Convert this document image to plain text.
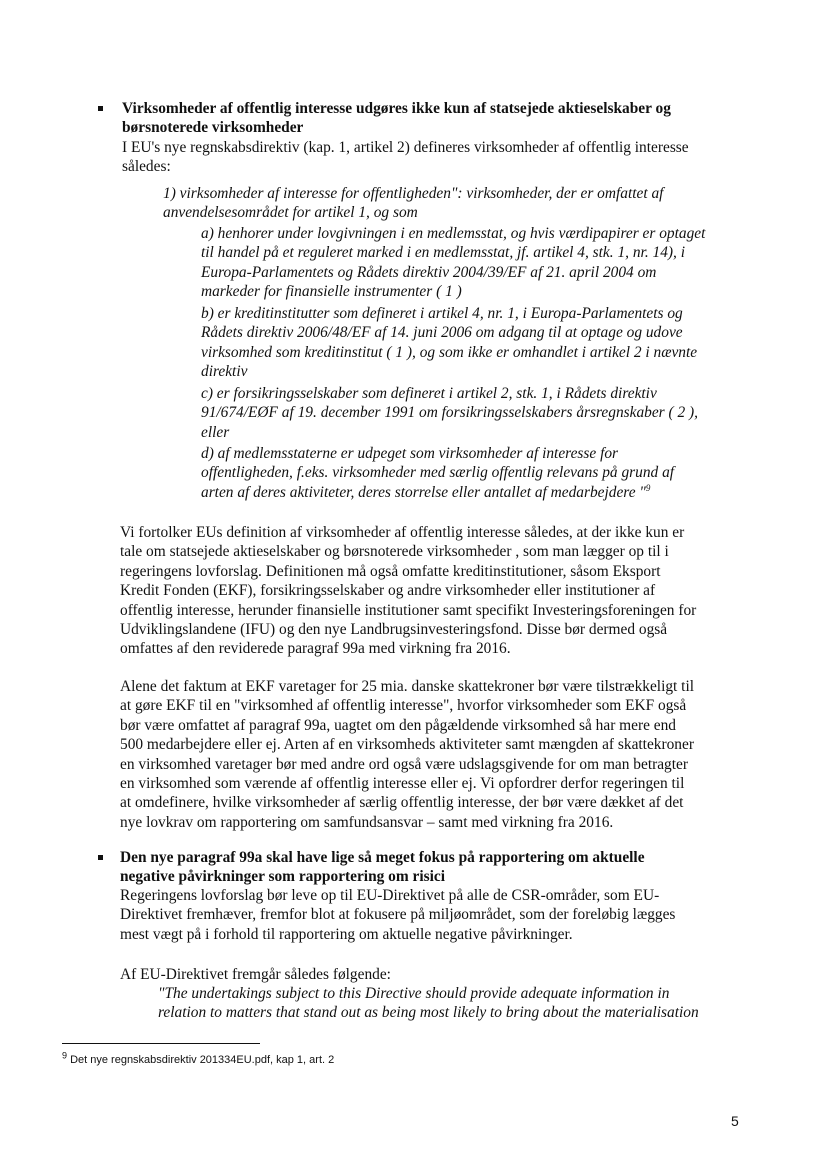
Virksomheder af offentlig interesse udgøres ikke kun af statsejede aktieselskaber og

børsnoterede virksomheder

I EU's nye regnskabsdirektiv (kap. 1, artikel 2) defineres virksomheder af offentlig interesse

således:

1) virksomheder af interesse for offentligheden": virksomheder, der er omfattet af

anvendelsesområdet for artikel 1, og som

a) henhorer under lovgivningen i en medlemsstat, og hvis værdipapirer er optaget

til handel på et reguleret marked i en medlemsstat, jf. artikel 4, stk. 1, nr. 14), i

Europa-Parlamentets og Rådets direktiv 2004/39/EF af 21. april 2004 om

markeder for finansielle instrumenter ( 1 )

b) er kreditinstitutter som defineret i artikel 4, nr. 1, i Europa-Parlamentets og

Rådets direktiv 2006/48/EF af 14. juni 2006 om adgang til at optage og udove

virksomhed som kreditinstitut ( 1 ), og som ikke er omhandlet i artikel 2 i nævnte

direktiv

c) er forsikringsselskaber som defineret i artikel 2, stk. 1, i Rådets direktiv

91/674/EØF af 19. december 1991 om forsikringsselskabers årsregnskaber ( 2 ),

eller

d) af medlemsstaterne er udpeget som virksomheder af interesse for

offentligheden, f.eks. virksomheder med særlig offentlig relevans på grund af

arten af deres aktiviteter, deres storrelse eller antallet af medarbejdere "$^9$

Vi fortolker EUs definition af virksomheder af offentlig interesse således, at der ikke kun er

tale om statsejede aktieselskaber og børsnoterede virksomheder , som man lægger op til i

regeringens lovforslag. Definitionen må også omfatte kreditinstitutioner, såsom Eksport

Kredit Fonden (EKF), forsikringsselskaber og andre virksomheder eller institutioner af

offentlig interesse, herunder finansielle institutioner samt specifikt Investeringsforeningen for

Udviklingslandene (IFU) og den nye Landbrugsinvesteringsfond. Disse bør dermed også

omfattes af den reviderede paragraf 99a med virkning fra 2016.

Alene det faktum at EKF varetager for 25 mia. danske skattekroner bør være tilstrækkeligt til

at gøre EKF til en "virksomhed af offentlig interesse", hvorfor virksomheder som EKF også

bør være omfattet af paragraf 99a, uagtet om den pågældende virksomhed så har mere end

500 medarbejdere eller ej. Arten af en virksomheds aktiviteter samt mængden af skattekroner

en virksomhed varetager bør med andre ord også være udslagsgivende for om man betragter

en virksomhed som værende af offentlig interesse eller ej. Vi opfordrer derfor regeringen til

at omdefinere, hvilke virksomheder af særlig offentlig interesse, der bør være dækket af det

nye lovkrav om rapportering om samfundsansvar – samt med virkning fra 2016.

Den nye paragraf 99a skal have lige så meget fokus på rapportering om aktuelle

negative påvirkninger som rapportering om risici

Regeringens lovforslag bør leve op til EU-Direktivet på alle de CSR-områder, som EU-

Direktivet fremhæver, fremfor blot at fokusere på miljøområdet, som der foreløbig lægges

mest vægt på i forhold til rapportering om aktuelle negative påvirkninger.

Af EU-Direktivet fremgår således følgende:

"The undertakings subject to this Directive should provide adequate information in

relation to matters that stand out as being most likely to bring about the materialisation

$^9$ Det nye regnskabsdirektiv 201334EU.pdf, kap 1, art. 2
5
